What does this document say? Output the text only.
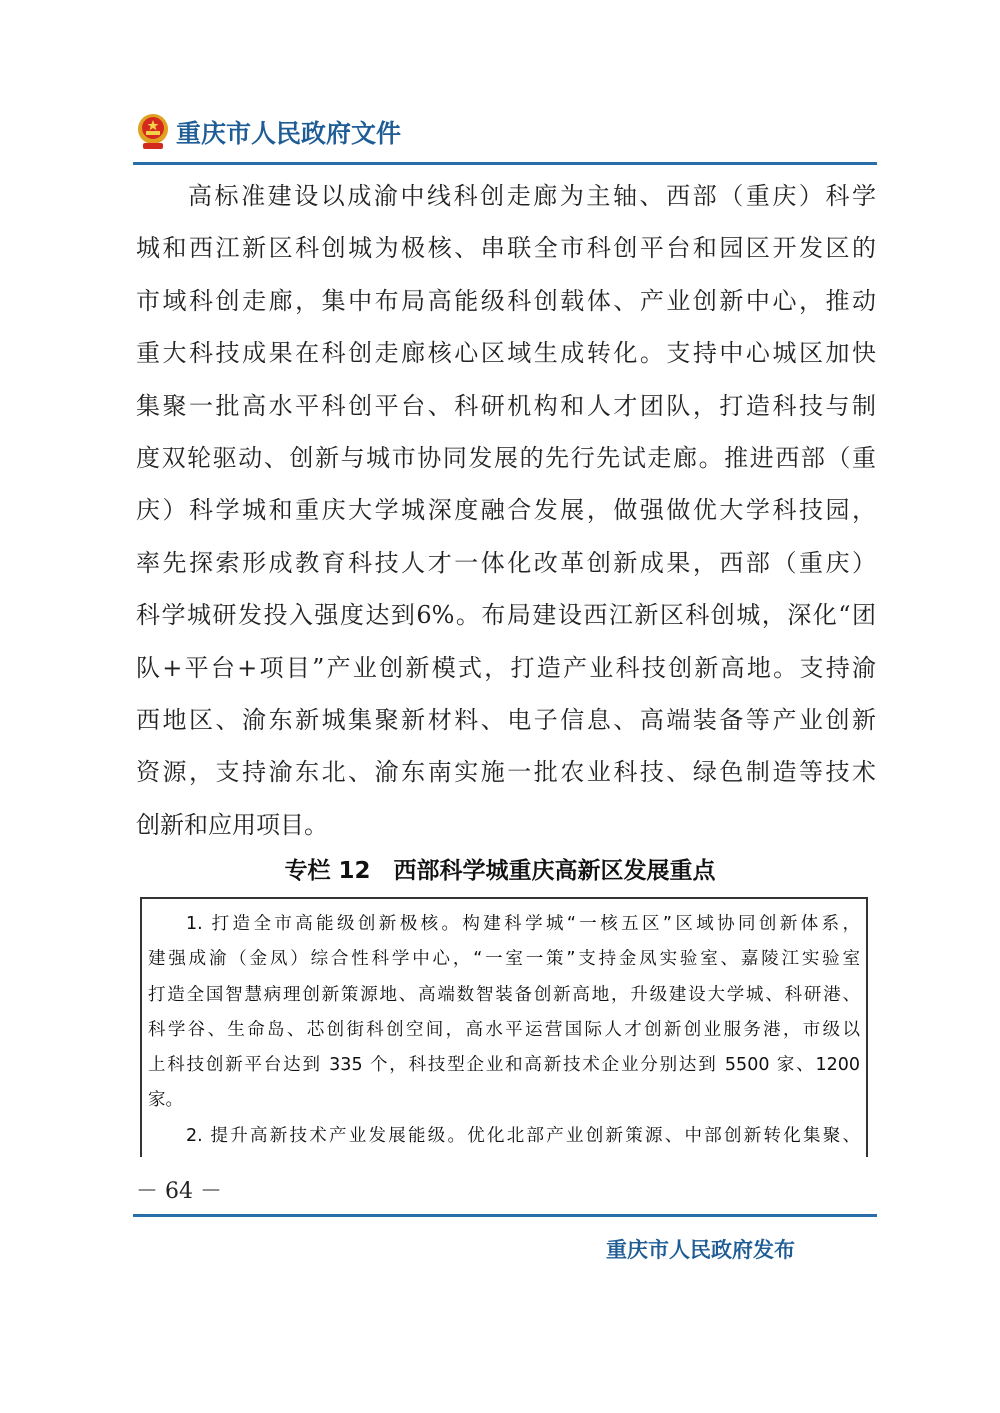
重庆市人民政府文件
高标准建设以成渝中线科创走廊为主轴、西部（重庆）科学
城和西江新区科创城为极核、串联全市科创平台和园区开发区的
市域科创走廊，集中布局高能级科创载体、产业创新中心，推动
重大科技成果在科创走廊核心区域生成转化。支持中心城区加快
集聚一批高水平科创平台、科研机构和人才团队，打造科技与制
度双轮驱动、创新与城市协同发展的先行先试走廊。推进西部（重
庆）科学城和重庆大学城深度融合发展，做强做优大学科技园，
率先探索形成教育科技人才一体化改革创新成果，西部（重庆）
科学城研发投入强度达到6%。布局建设西江新区科创城，深化“团
队+平台+项目”产业创新模式，打造产业科技创新高地。支持渝
西地区、渝东新城集聚新材料、电子信息、高端装备等产业创新
资源，支持渝东北、渝东南实施一批农业科技、绿色制造等技术
创新和应用项目。
专栏 12　西部科学城重庆高新区发展重点
1. 打造全市高能级创新极核。构建科学城“一核五区”区域协同创新体系，
建强成渝（金凤）综合性科学中心，“一室一策”支持金凤实验室、嘉陵江实验室
打造全国智慧病理创新策源地、高端数智装备创新高地，升级建设大学城、科研港、
科学谷、生命岛、芯创街科创空间，高水平运营国际人才创新创业服务港，市级以
上科技创新平台达到 335 个，科技型企业和高新技术企业分别达到 5500 家、1200
家。
2. 提升高新技术产业发展能级。优化北部产业创新策源、中部创新转化集聚、
－ 64 －
重庆市人民政府发布
